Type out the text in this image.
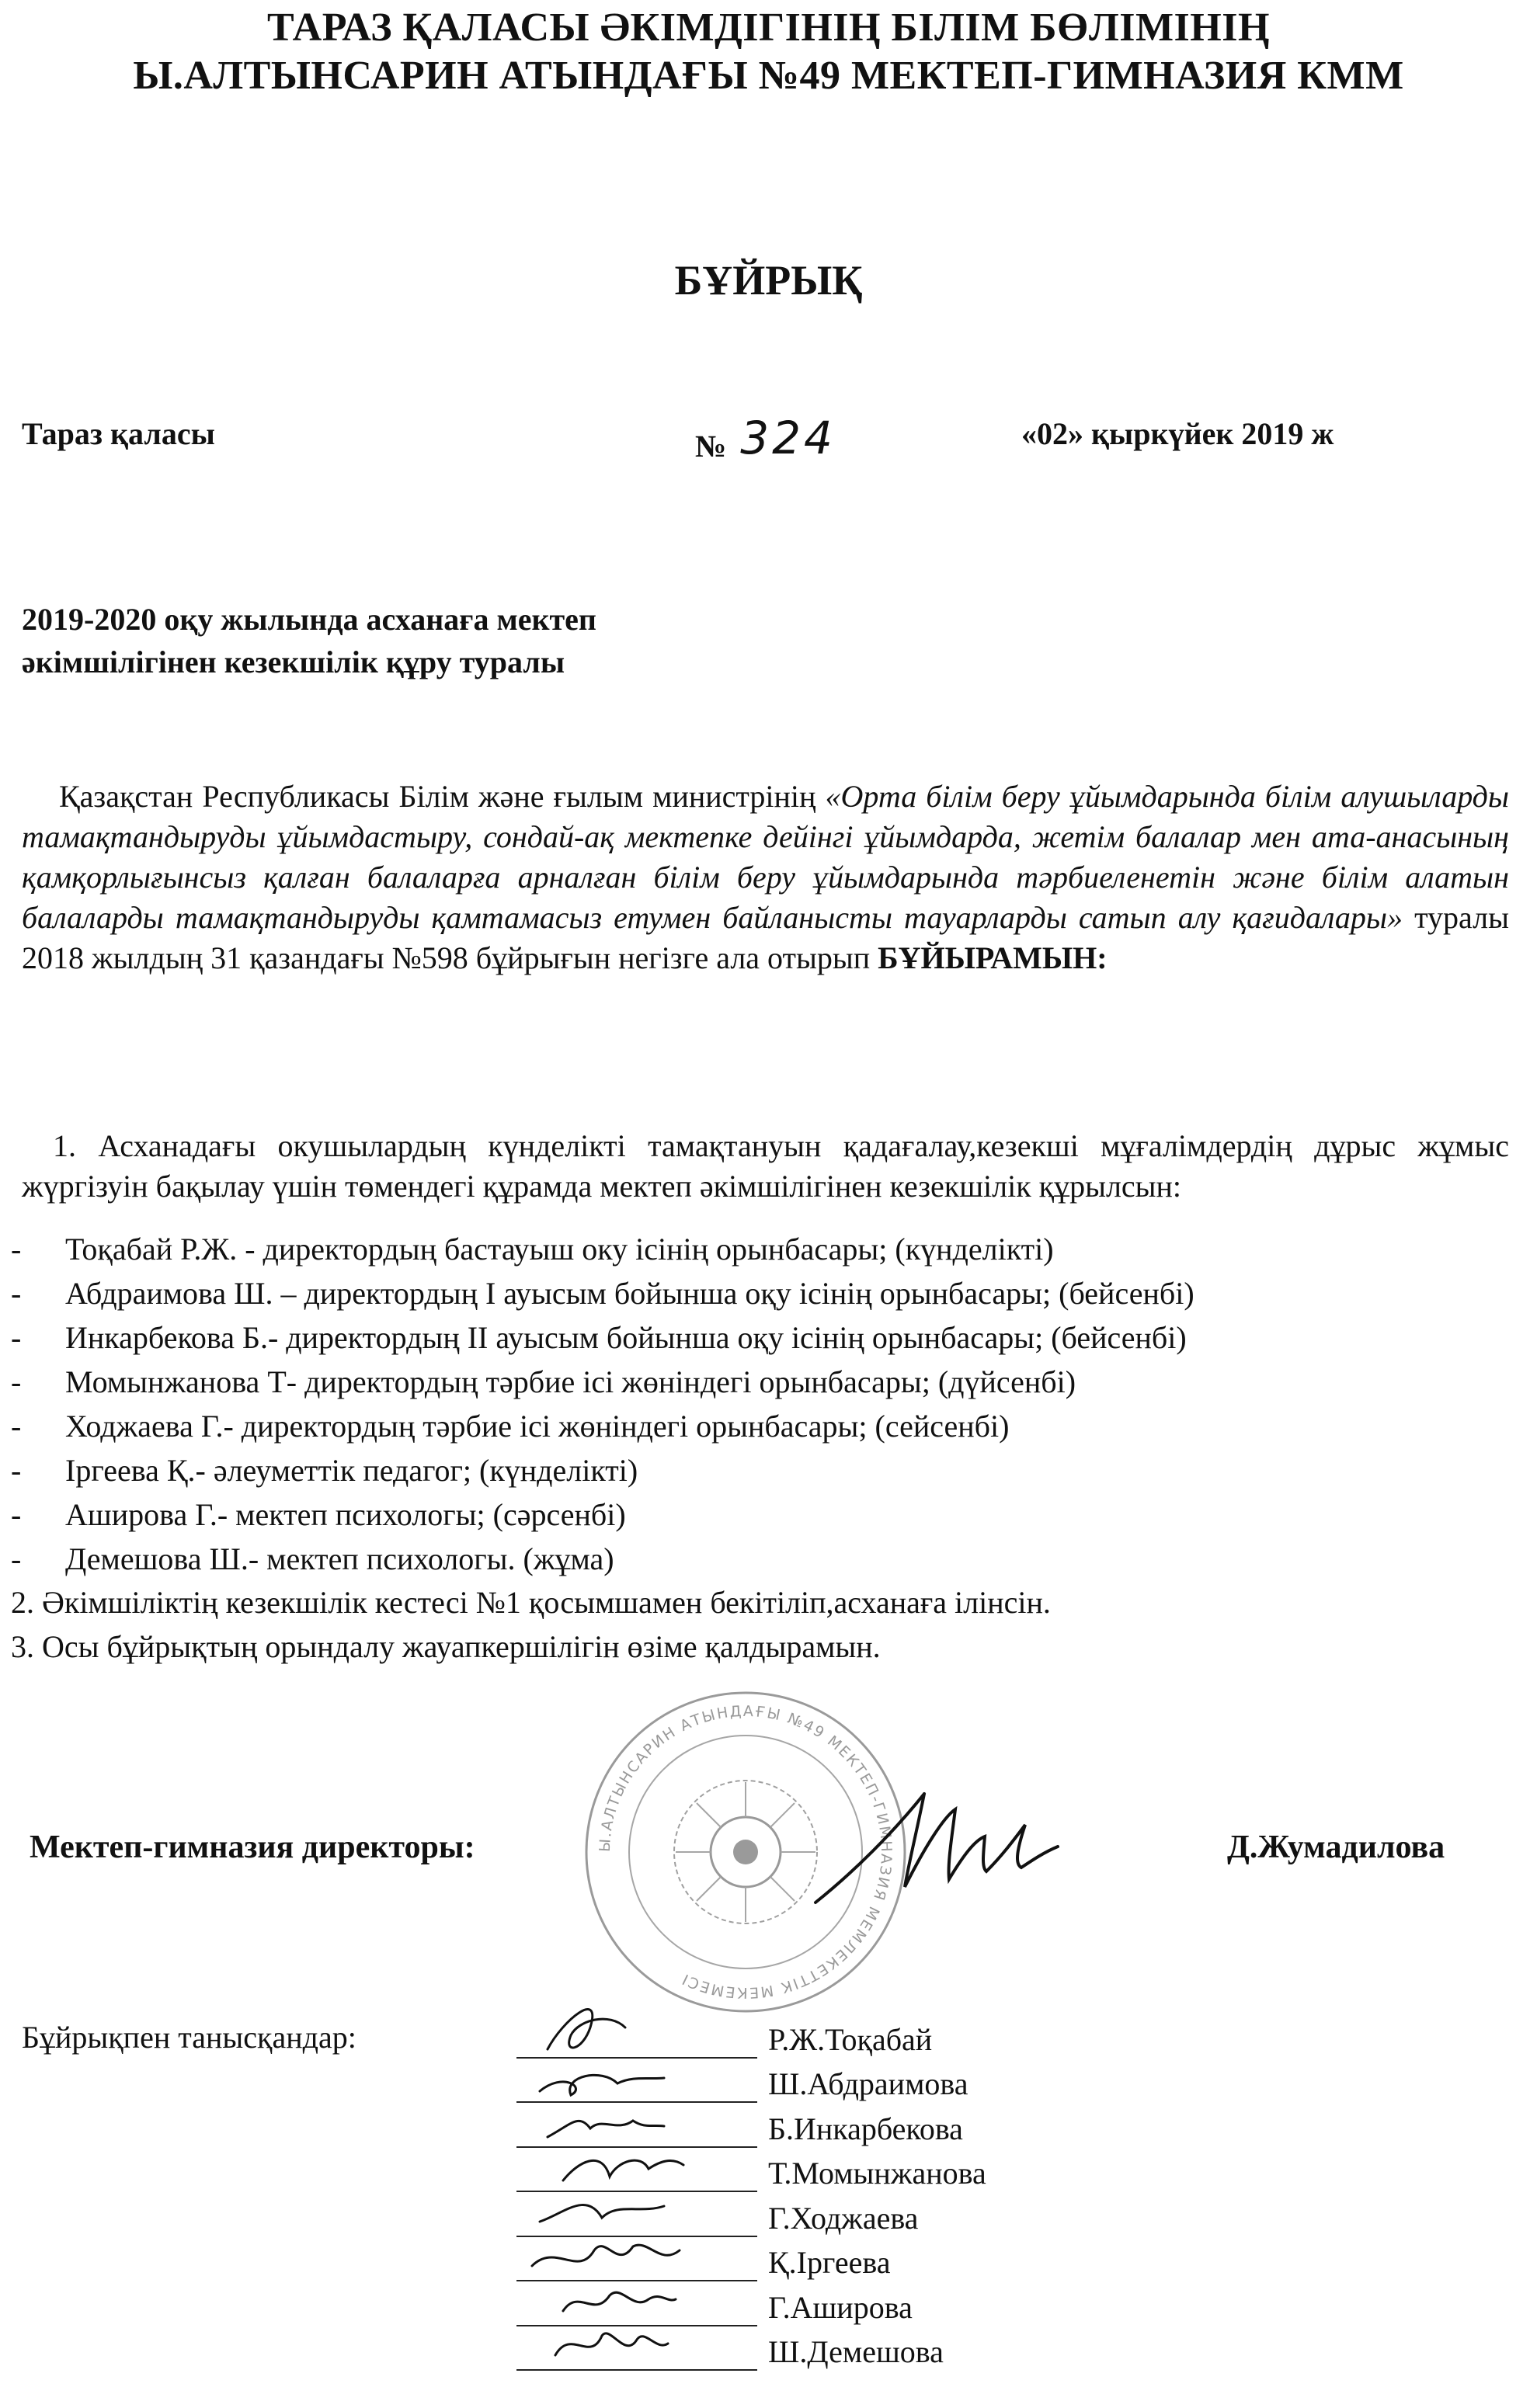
ТАРАЗ ҚАЛАСЫ ӘКІМДІГІНІҢ БІЛІМ БӨЛІМІНІҢ
Ы.АЛТЫНСАРИН АТЫНДАҒЫ №49 МЕКТЕП-ГИМНАЗИЯ КММ
БҰЙРЫҚ
Тараз қаласы	№ 324	«02» қыркүйек 2019 ж
2019-2020 оқу жылында асханаға мектеп
әкімшілігінен кезекшілік құру туралы
Қазақстан Республикасы Білім және ғылым министрінің «Орта білім беру ұйымдарында білім алушыларды тамақтандыруды ұйымдастыру, сондай-ақ мектепке дейінгі ұйымдарда, жетім балалар мен ата-анасының қамқорлығынсыз қалған балаларға арналған білім беру ұйымдарында тәрбиеленетін және білім алатын балаларды тамақтандыруды қамтамасыз етумен байланысты тауарларды сатып алу қағидалары» туралы 2018 жылдың 31 қазандағы №598 бұйрығын негізге ала отырып БҰЙЫРАМЫН:
1. Асханадағы окушылардың күнделікті тамақтануын қадағалау,кезекші мұғалімдердің дұрыс жұмыс жүргізуін бақылау үшін төмендегі құрамда мектеп әкімшілігінен кезекшілік құрылсын:
-	Тоқабай Р.Ж. - директордың бастауыш оку ісінің орынбасары; (күнделікті)
-	Абдраимова Ш. – директордың І ауысым бойынша оқу ісінің орынбасары; (бейсенбі)
-	Инкарбекова Б.- директордың ІІ ауысым бойынша оқу ісінің орынбасары; (бейсенбі)
-	Момынжанова Т- директордың тәрбие ісі жөніндегі орынбасары; (дүйсенбі)
-	Ходжаева Г.- директордың тәрбие ісі жөніндегі орынбасары; (сейсенбі)
-	Іргеева Қ.- әлеуметтік педагог; (күнделікті)
-	Аширова Г.- мектеп психологы; (сәрсенбі)
-	Демешова Ш.- мектеп психологы. (жұма)
2. Әкімшіліктің кезекшілік кестесі №1 қосымшамен бекітіліп,асханаға ілінсін.
3. Осы бұйрықтың орындалу жауапкершілігін өзіме қалдырамын.
Ы.АЛТЫНСАРИН АТЫНДАҒЫ №49 МЕКТЕП-ГИМНАЗИЯ МЕМЛЕКЕТТІК МЕКЕМЕСІ
Мектеп-гимназия директоры:	Д.Жумадилова
Бұйрықпен танысқандар:	Р.Ж.Тоқабай
Ш.Абдраимова
Б.Инкарбекова
Т.Момынжанова
Г.Ходжаева
Қ.Іргеева
Г.Аширова
Ш.Демешова
